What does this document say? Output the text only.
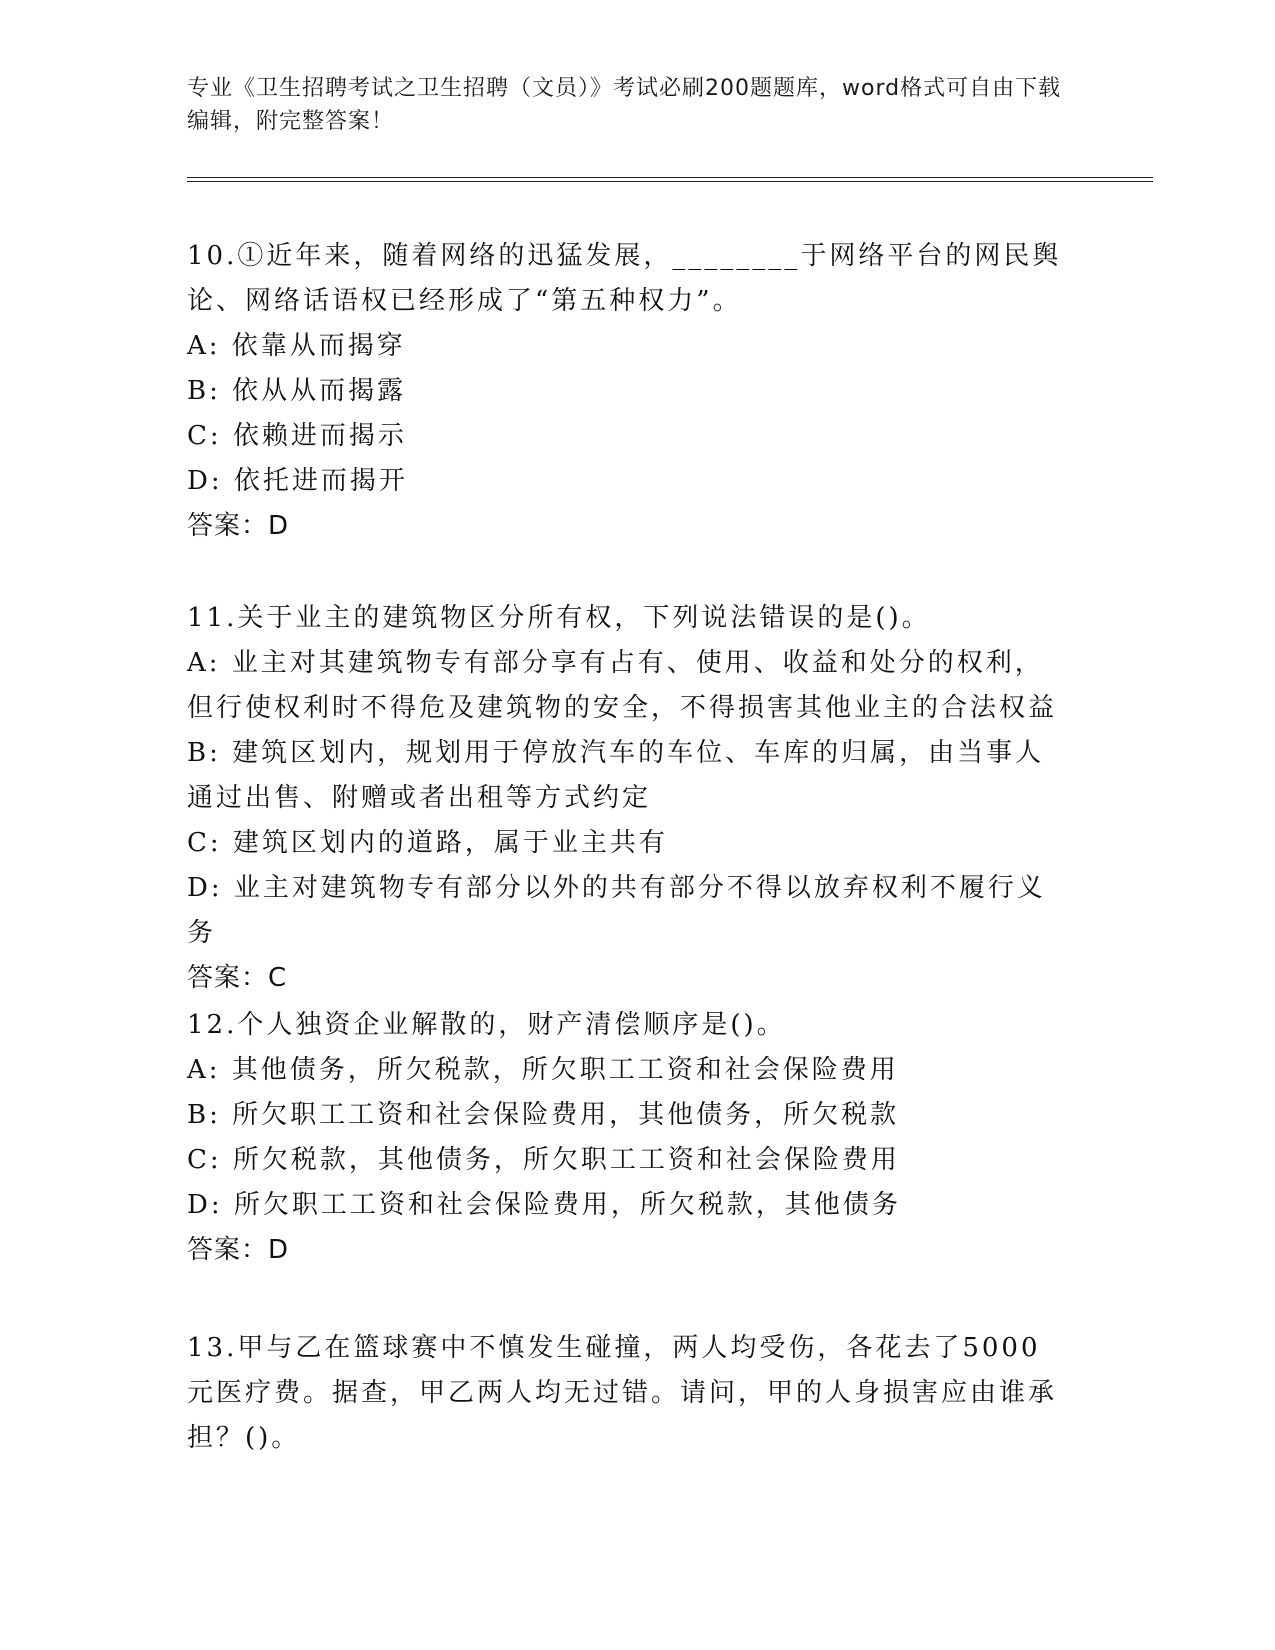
专业《卫生招聘考试之卫生招聘（文员）》考试必刷200题题库，word格式可自由下载编辑，附完整答案！
10.①近年来，随着网络的迅猛发展，________于网络平台的网民舆论、网络话语权已经形成了“第五种权力”。
A: 依靠从而揭穿
B: 依从从而揭露
C: 依赖进而揭示
D: 依托进而揭开
答案：D
11.关于业主的建筑物区分所有权，下列说法错误的是()。
A: 业主对其建筑物专有部分享有占有、使用、收益和处分的权利，但行使权利时不得危及建筑物的安全，不得损害其他业主的合法权益
B: 建筑区划内，规划用于停放汽车的车位、车库的归属，由当事人通过出售、附赠或者出租等方式约定
C: 建筑区划内的道路，属于业主共有
D: 业主对建筑物专有部分以外的共有部分不得以放弃权利不履行义务
答案：C
12.个人独资企业解散的，财产清偿顺序是()。
A: 其他债务，所欠税款，所欠职工工资和社会保险费用
B: 所欠职工工资和社会保险费用，其他债务，所欠税款
C: 所欠税款，其他债务，所欠职工工资和社会保险费用
D: 所欠职工工资和社会保险费用，所欠税款，其他债务
答案：D
13.甲与乙在篮球赛中不慎发生碰撞，两人均受伤，各花去了5000元医疗费。据查，甲乙两人均无过错。请问，甲的人身损害应由谁承担？()。
